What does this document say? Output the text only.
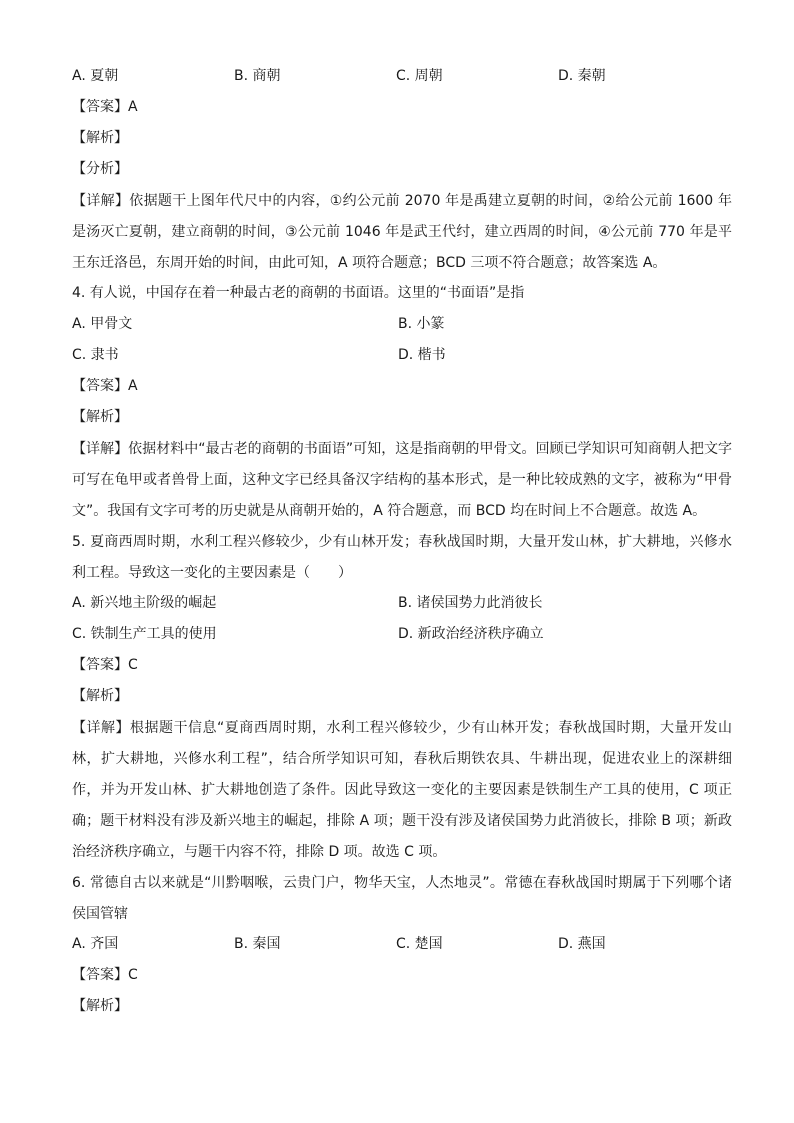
A. 夏朝	B. 商朝	C. 周朝	D. 秦朝
【答案】A
【解析】
【分析】
【详解】依据题干上图年代尺中的内容，①约公元前 2070 年是禹建立夏朝的时间，②给公元前 1600 年是汤灭亡夏朝，建立商朝的时间，③公元前 1046 年是武王代纣，建立西周的时间，④公元前 770 年是平王东迁洛邑，东周开始的时间，由此可知，A 项符合题意；BCD 三项不符合题意；故答案选 A。
4. 有人说，中国存在着一种最古老的商朝的书面语。这里的“书面语”是指
A. 甲骨文	B. 小篆
C. 隶书	D. 楷书
【答案】A
【解析】
【详解】依据材料中“最古老的商朝的书面语”可知，这是指商朝的甲骨文。回顾已学知识可知商朝人把文字可写在龟甲或者兽骨上面，这种文字已经具备汉字结构的基本形式，是一种比较成熟的文字，被称为“甲骨文”。我国有文字可考的历史就是从商朝开始的，A 符合题意，而 BCD 均在时间上不合题意。故选 A。
5. 夏商西周时期，水利工程兴修较少，少有山林开发；春秋战国时期，大量开发山林，扩大耕地，兴修水利工程。导致这一变化的主要因素是（　　）
A. 新兴地主阶级的崛起	B. 诸侯国势力此消彼长
C. 铁制生产工具的使用	D. 新政治经济秩序确立
【答案】C
【解析】
【详解】根据题干信息“夏商西周时期，水利工程兴修较少，少有山林开发；春秋战国时期，大量开发山林，扩大耕地，兴修水利工程”，结合所学知识可知，春秋后期铁农具、牛耕出现，促进农业上的深耕细作，并为开发山林、扩大耕地创造了条件。因此导致这一变化的主要因素是铁制生产工具的使用，C 项正确；题干材料没有涉及新兴地主的崛起，排除 A 项；题干没有涉及诸侯国势力此消彼长，排除 B 项；新政治经济秩序确立，与题干内容不符，排除 D 项。故选 C 项。
6. 常德自古以来就是“川黔咽喉，云贵门户，物华天宝，人杰地灵”。常德在春秋战国时期属于下列哪个诸侯国管辖
A. 齐国	B. 秦国	C. 楚国	D. 燕国
【答案】C
【解析】
